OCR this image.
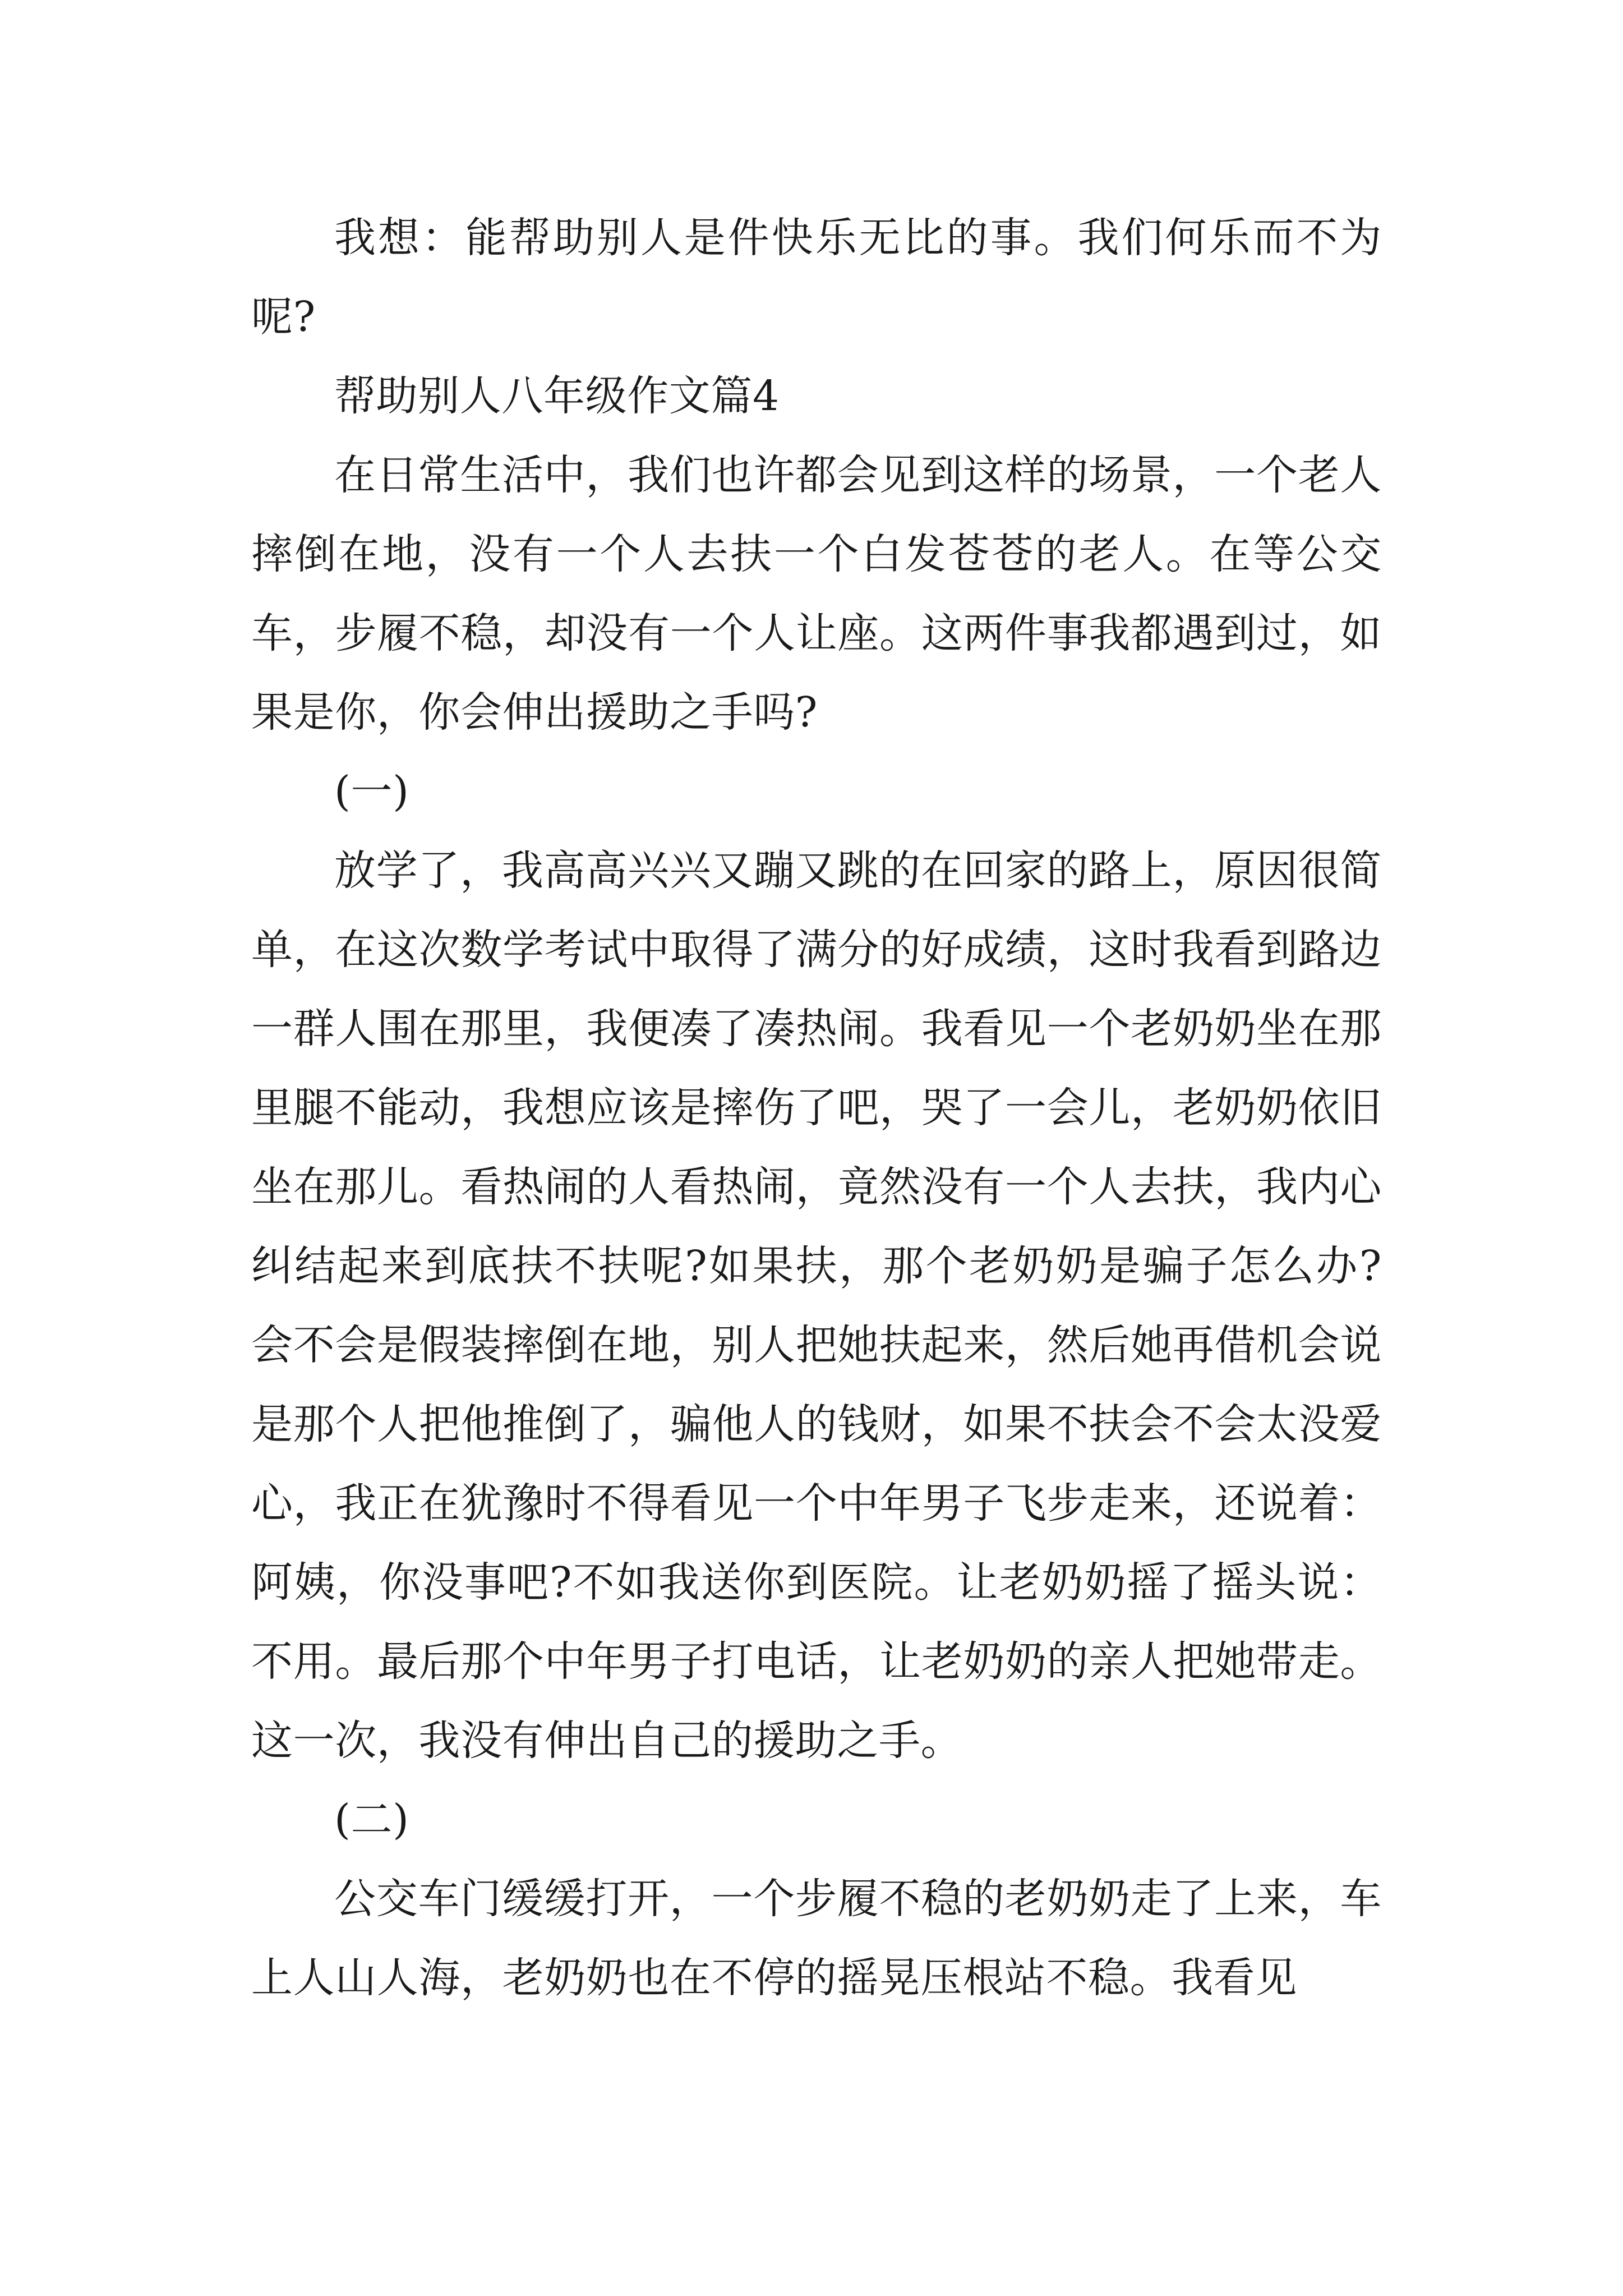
我想：能帮助别人是件快乐无比的事。我们何乐而不为呢?

帮助别人八年级作文篇4

在日常生活中，我们也许都会见到这样的场景，一个老人摔倒在地，没有一个人去扶一个白发苍苍的老人。在等公交车，步履不稳，却没有一个人让座。这两件事我都遇到过，如果是你，你会伸出援助之手吗?

(一)

放学了，我高高兴兴又蹦又跳的在回家的路上，原因很简单，在这次数学考试中取得了满分的好成绩，这时我看到路边一群人围在那里，我便凑了凑热闹。我看见一个老奶奶坐在那里腿不能动，我想应该是摔伤了吧，哭了一会儿，老奶奶依旧坐在那儿。看热闹的人看热闹，竟然没有一个人去扶，我内心纠结起来到底扶不扶呢?如果扶，那个老奶奶是骗子怎么办?会不会是假装摔倒在地，别人把她扶起来，然后她再借机会说是那个人把他推倒了，骗他人的钱财，如果不扶会不会太没爱心，我正在犹豫时不得看见一个中年男子飞步走来，还说着：阿姨，你没事吧?不如我送你到医院。让老奶奶摇了摇头说：不用。最后那个中年男子打电话，让老奶奶的亲人把她带走。这一次，我没有伸出自己的援助之手。

(二)

公交车门缓缓打开，一个步履不稳的老奶奶走了上来，车上人山人海，老奶奶也在不停的摇晃压根站不稳。我看见
